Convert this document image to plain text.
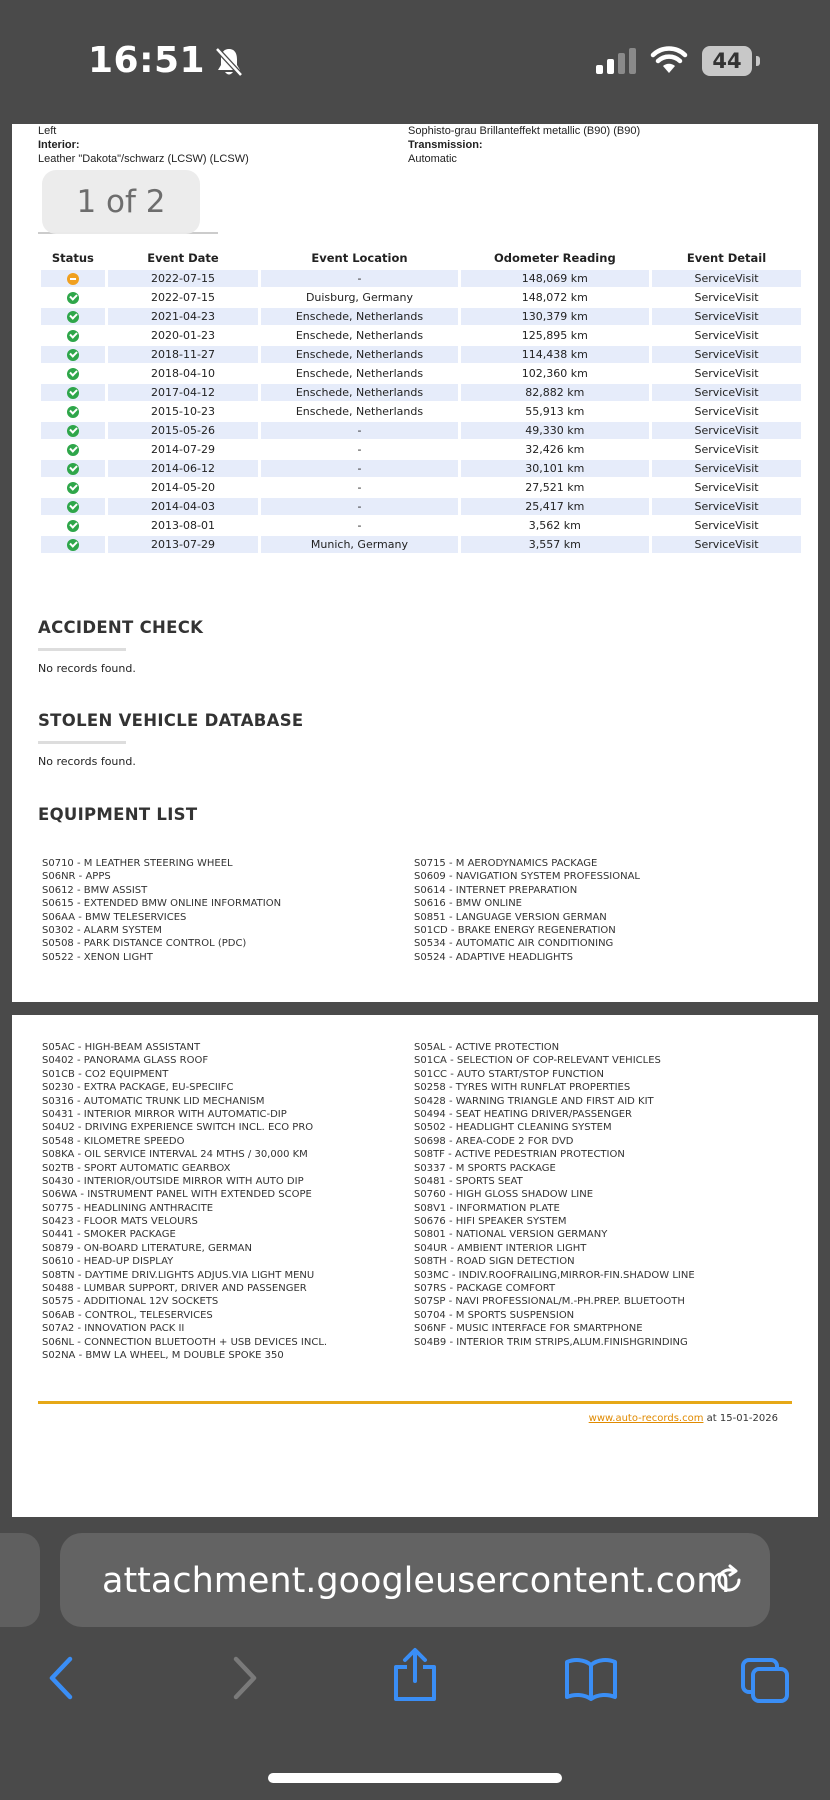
16:51	44
Left
Interior:
Leather "Dakota"/schwarz (LCSW) (LCSW)
Sophisto-grau Brillanteffekt metallic (B90) (B90)
Transmission:
Automatic
1 of 2
Status	Event Date	Event Location	Odometer Reading	Event Detail
	2022-07-15	-	148,069 km	ServiceVisit
	2022-07-15	Duisburg, Germany	148,072 km	ServiceVisit
	2021-04-23	Enschede, Netherlands	130,379 km	ServiceVisit
	2020-01-23	Enschede, Netherlands	125,895 km	ServiceVisit
	2018-11-27	Enschede, Netherlands	114,438 km	ServiceVisit
	2018-04-10	Enschede, Netherlands	102,360 km	ServiceVisit
	2017-04-12	Enschede, Netherlands	82,882 km	ServiceVisit
	2015-10-23	Enschede, Netherlands	55,913 km	ServiceVisit
	2015-05-26	-	49,330 km	ServiceVisit
	2014-07-29	-	32,426 km	ServiceVisit
	2014-06-12	-	30,101 km	ServiceVisit
	2014-05-20	-	27,521 km	ServiceVisit
	2014-04-03	-	25,417 km	ServiceVisit
	2013-08-01	-	3,562 km	ServiceVisit
	2013-07-29	Munich, Germany	3,557 km	ServiceVisit
ACCIDENT CHECK
No records found.
STOLEN VEHICLE DATABASE
No records found.
EQUIPMENT LIST
S0710 - M LEATHER STEERING WHEEL
S06NR - APPS
S0612 - BMW ASSIST
S0615 - EXTENDED BMW ONLINE INFORMATION
S06AA - BMW TELESERVICES
S0302 - ALARM SYSTEM
S0508 - PARK DISTANCE CONTROL (PDC)
S0522 - XENON LIGHT
S0715 - M AERODYNAMICS PACKAGE
S0609 - NAVIGATION SYSTEM PROFESSIONAL
S0614 - INTERNET PREPARATION
S0616 - BMW ONLINE
S0851 - LANGUAGE VERSION GERMAN
S01CD - BRAKE ENERGY REGENERATION
S0534 - AUTOMATIC AIR CONDITIONING
S0524 - ADAPTIVE HEADLIGHTS
S05AC - HIGH-BEAM ASSISTANT
S0402 - PANORAMA GLASS ROOF
S01CB - CO2 EQUIPMENT
S0230 - EXTRA PACKAGE, EU-SPECIIFC
S0316 - AUTOMATIC TRUNK LID MECHANISM
S0431 - INTERIOR MIRROR WITH AUTOMATIC-DIP
S04U2 - DRIVING EXPERIENCE SWITCH INCL. ECO PRO
S0548 - KILOMETRE SPEEDO
S08KA - OIL SERVICE INTERVAL 24 MTHS / 30,000 KM
S02TB - SPORT AUTOMATIC GEARBOX
S0430 - INTERIOR/OUTSIDE MIRROR WITH AUTO DIP
S06WA - INSTRUMENT PANEL WITH EXTENDED SCOPE
S0775 - HEADLINING ANTHRACITE
S0423 - FLOOR MATS VELOURS
S0441 - SMOKER PACKAGE
S0879 - ON-BOARD LITERATURE, GERMAN
S0610 - HEAD-UP DISPLAY
S08TN - DAYTIME DRIV.LIGHTS ADJUS.VIA LIGHT MENU
S0488 - LUMBAR SUPPORT, DRIVER AND PASSENGER
S0575 - ADDITIONAL 12V SOCKETS
S06AB - CONTROL, TELESERVICES
S07A2 - INNOVATION PACK II
S06NL - CONNECTION BLUETOOTH + USB DEVICES INCL.
S02NA - BMW LA WHEEL, M DOUBLE SPOKE 350
S05AL - ACTIVE PROTECTION
S01CA - SELECTION OF COP-RELEVANT VEHICLES
S01CC - AUTO START/STOP FUNCTION
S0258 - TYRES WITH RUNFLAT PROPERTIES
S0428 - WARNING TRIANGLE AND FIRST AID KIT
S0494 - SEAT HEATING DRIVER/PASSENGER
S0502 - HEADLIGHT CLEANING SYSTEM
S0698 - AREA-CODE 2 FOR DVD
S08TF - ACTIVE PEDESTRIAN PROTECTION
S0337 - M SPORTS PACKAGE
S0481 - SPORTS SEAT
S0760 - HIGH GLOSS SHADOW LINE
S08V1 - INFORMATION PLATE
S0676 - HIFI SPEAKER SYSTEM
S0801 - NATIONAL VERSION GERMANY
S04UR - AMBIENT INTERIOR LIGHT
S08TH - ROAD SIGN DETECTION
S03MC - INDIV.ROOFRAILING,MIRROR-FIN.SHADOW LINE
S07RS - PACKAGE COMFORT
S07SP - NAVI PROFESSIONAL/M.-PH.PREP. BLUETOOTH
S0704 - M SPORTS SUSPENSION
S06NF - MUSIC INTERFACE FOR SMARTPHONE
S04B9 - INTERIOR TRIM STRIPS,ALUM.FINISHGRINDING
www.auto-records.com at 15-01-2026
attachment.googleusercontent.com
